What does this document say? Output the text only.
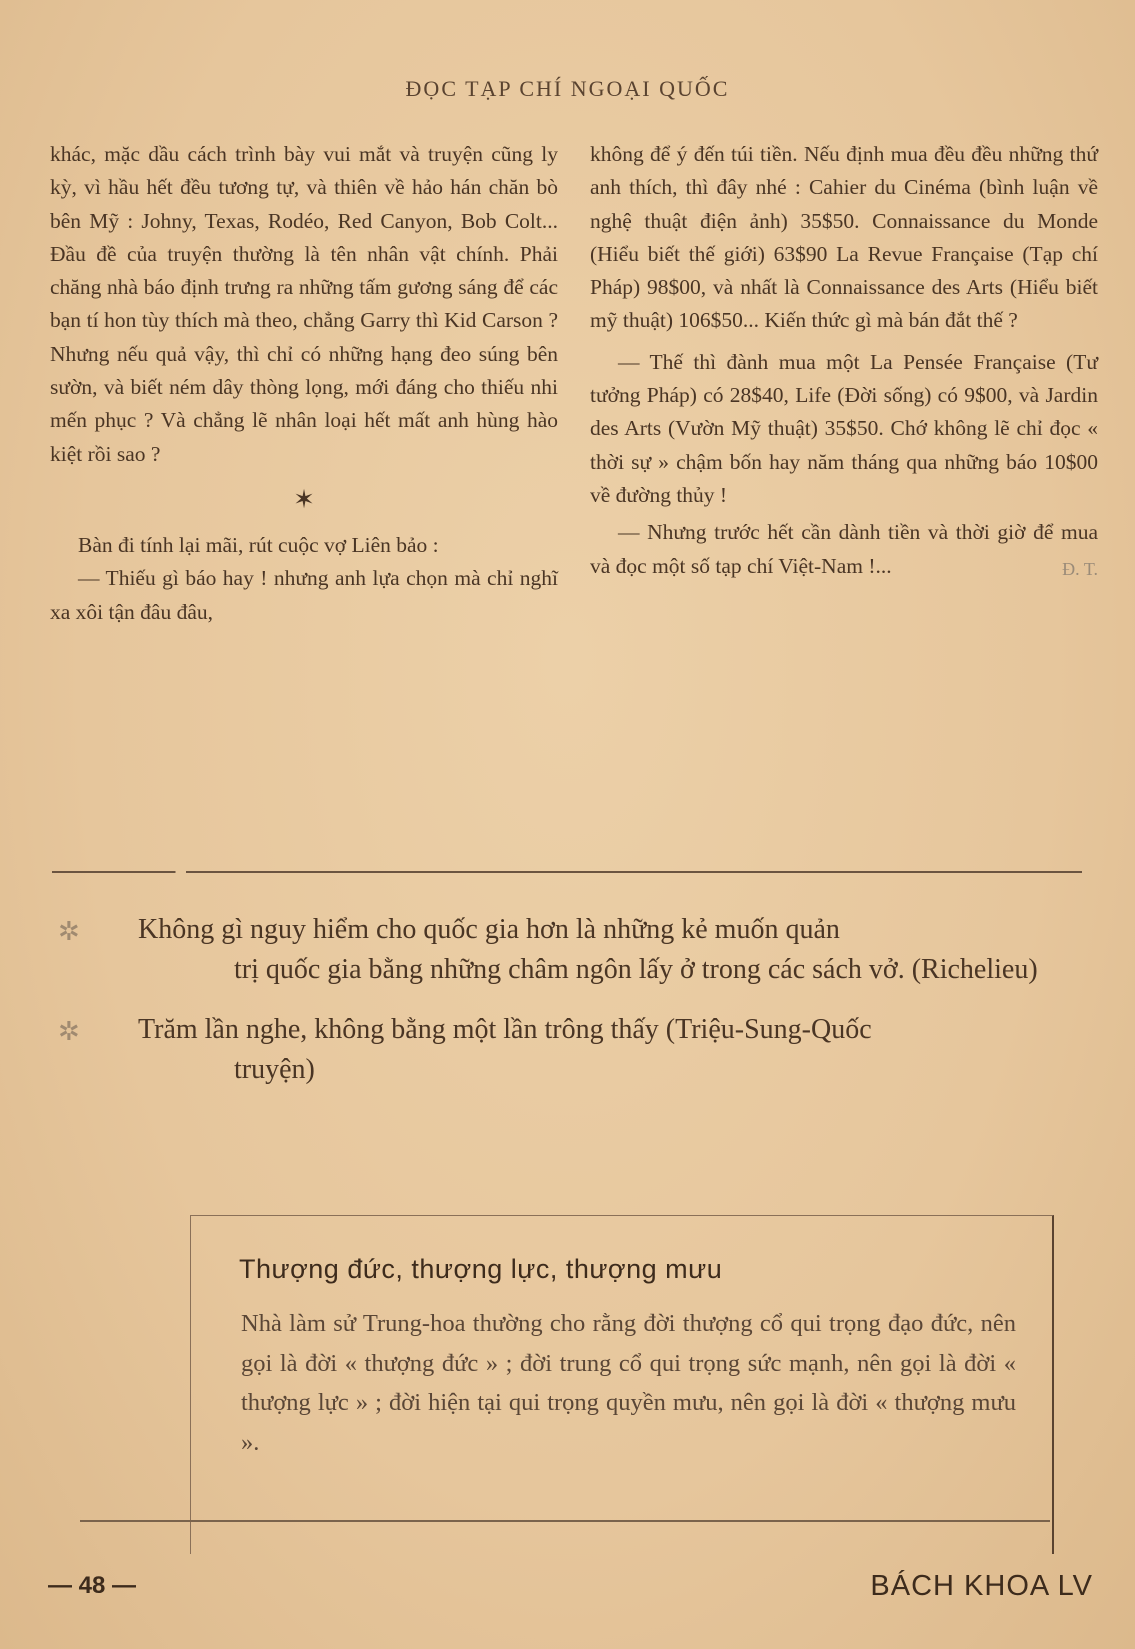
ĐỌC TẠP CHÍ NGOẠI QUỐC

khác, mặc dầu cách trình bày vui mắt và truyện cũng ly kỳ, vì hầu hết đều tương tự, và thiên về hảo hán chăn bò bên Mỹ : Johny, Texas, Rodéo, Red Canyon, Bob Colt... Đầu đề của truyện thường là tên nhân vật chính. Phải chăng nhà báo định trưng ra những tấm gương sáng để các bạn tí hon tùy thích mà theo, chẳng Garry thì Kid Carson ? Nhưng nếu quả vậy, thì chỉ có những hạng đeo súng bên sườn, và biết ném dây thòng lọng, mới đáng cho thiếu nhi mến phục ? Và chẳng lẽ nhân loại hết mất anh hùng hào kiệt rồi sao ?

✶

Bàn đi tính lại mãi, rút cuộc vợ Liên bảo :

— Thiếu gì báo hay ! nhưng anh lựa chọn mà chỉ nghĩ xa xôi tận đâu đâu,

không để ý đến túi tiền. Nếu định mua đều đều những thứ anh thích, thì đây nhé : Cahier du Cinéma (bình luận về nghệ thuật điện ảnh) 35$50. Connaissance du Monde (Hiểu biết thế giới) 63$90 La Revue Française (Tạp chí Pháp) 98$00, và nhất là Connaissance des Arts (Hiểu biết mỹ thuật) 106$50... Kiến thức gì mà bán đắt thế ?

— Thế thì đành mua một La Pensée Française (Tư tưởng Pháp) có 28$40, Life (Đời sống) có 9$00, và Jardin des Arts (Vườn Mỹ thuật) 35$50. Chớ không lẽ chỉ đọc « thời sự » chậm bốn hay năm tháng qua những báo 10$00 về đường thủy !

— Nhưng trước hết cần dành tiền và thời giờ để mua và đọc một số tạp chí Việt-Nam !...	Đ. T.
✲ Không gì nguy hiểm cho quốc gia hơn là những kẻ muốn quản
trị quốc gia bằng những châm ngôn lấy ở trong các sách vở. (Richelieu)
✲ Trăm lần nghe, không bằng một lần trông thấy (Triệu-Sung-Quốc
truyện)
Thượng đức, thượng lực, thượng mưu
Nhà làm sử Trung-hoa thường cho rằng đời thượng cổ qui trọng đạo đức, nên gọi là đời « thượng đức » ; đời trung cổ qui trọng sức mạnh, nên gọi là đời « thượng lực » ; đời hiện tại qui trọng quyền mưu, nên gọi là đời « thượng mưu ».
— 48 —	BÁCH KHOA LV
